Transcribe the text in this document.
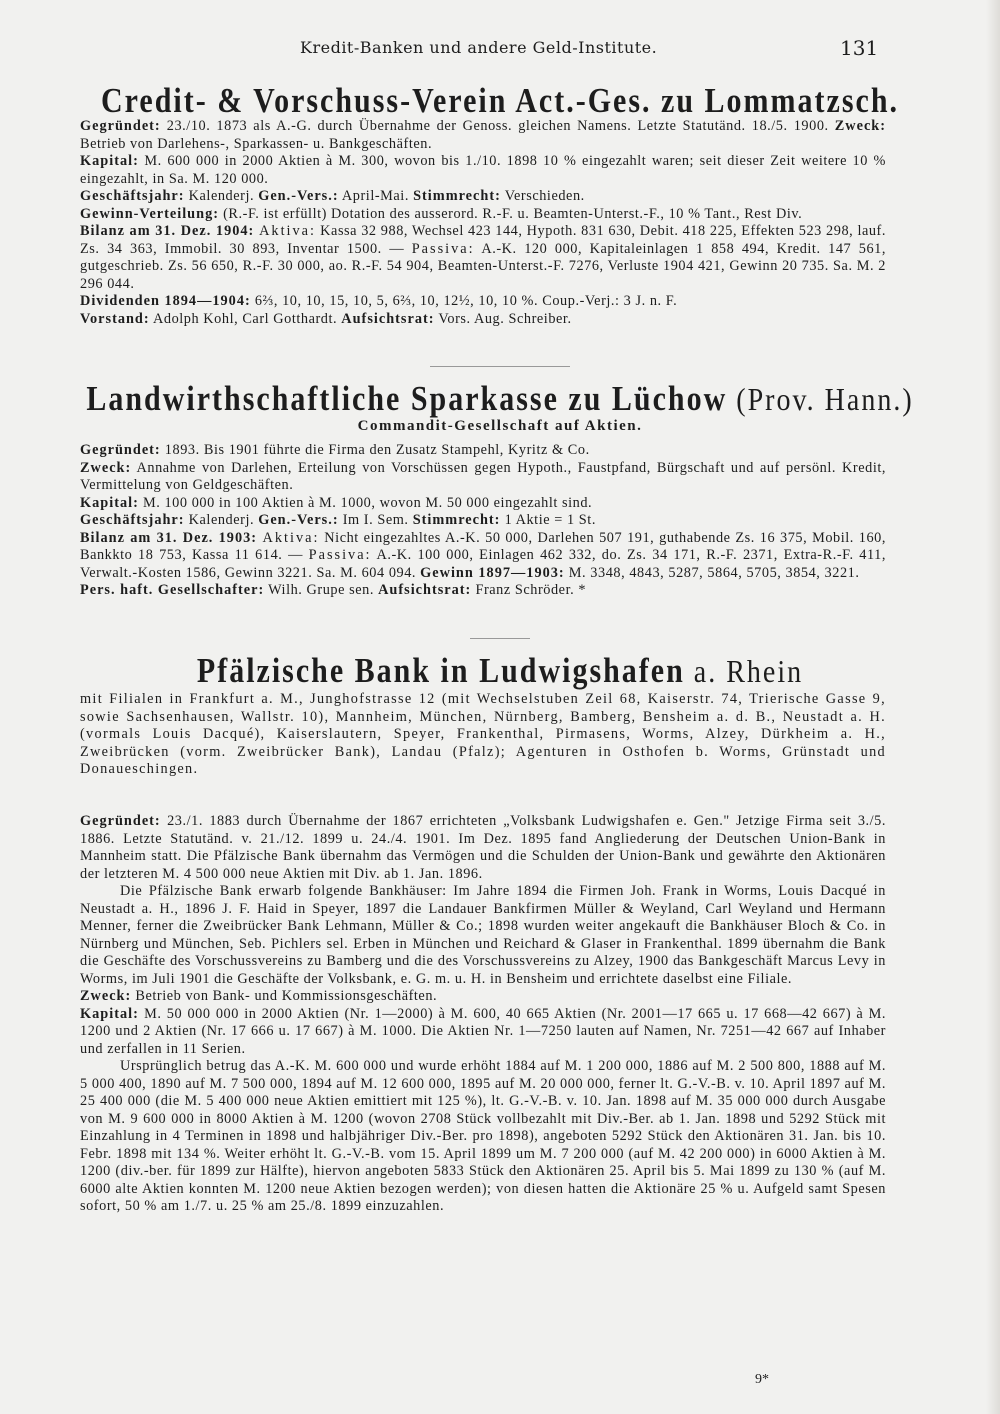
Kredit-Banken und andere Geld-Institute.	131
Credit- & Vorschuss-Verein Act.-Ges. zu Lommatzsch.

Gegründet: 23./10. 1873 als A.-G. durch Übernahme der Genoss. gleichen Namens. Letzte Statutänd. 18./5. 1900. Zweck: Betrieb von Darlehens-, Sparkassen- u. Bankgeschäften.

Kapital: M. 600 000 in 2000 Aktien à M. 300, wovon bis 1./10. 1898 10 % eingezahlt waren; seit dieser Zeit weitere 10 % eingezahlt, in Sa. M. 120 000.

Geschäftsjahr: Kalenderj. Gen.-Vers.: April-Mai. Stimmrecht: Verschieden.

Gewinn-Verteilung: (R.-F. ist erfüllt) Dotation des ausserord. R.-F. u. Beamten-Unterst.-F., 10 % Tant., Rest Div.

Bilanz am 31. Dez. 1904: Aktiva: Kassa 32 988, Wechsel 423 144, Hypoth. 831 630, Debit. 418 225, Effekten 523 298, lauf. Zs. 34 363, Immobil. 30 893, Inventar 1500. — Passiva: A.-K. 120 000, Kapitaleinlagen 1 858 494, Kredit. 147 561, gutgeschrieb. Zs. 56 650, R.-F. 30 000, ao. R.-F. 54 904, Beamten-Unterst.-F. 7276, Verluste 1904 421, Gewinn 20 735. Sa. M. 2 296 044.

Dividenden 1894—1904: 6⅔, 10, 10, 15, 10, 5, 6⅔, 10, 12½, 10, 10 %. Coup.-Verj.: 3 J. n. F.

Vorstand: Adolph Kohl, Carl Gotthardt. Aufsichtsrat: Vors. Aug. Schreiber.

Landwirthschaftliche Sparkasse zu Lüchow (Prov. Hann.)
Commandit-Gesellschaft auf Aktien.

Gegründet: 1893. Bis 1901 führte die Firma den Zusatz Stampehl, Kyritz & Co.

Zweck: Annahme von Darlehen, Erteilung von Vorschüssen gegen Hypoth., Faustpfand, Bürgschaft und auf persönl. Kredit, Vermittelung von Geldgeschäften.

Kapital: M. 100 000 in 100 Aktien à M. 1000, wovon M. 50 000 eingezahlt sind.

Geschäftsjahr: Kalenderj. Gen.-Vers.: Im I. Sem. Stimmrecht: 1 Aktie = 1 St.

Bilanz am 31. Dez. 1903: Aktiva: Nicht eingezahltes A.-K. 50 000, Darlehen 507 191, guthabende Zs. 16 375, Mobil. 160, Bankkto 18 753, Kassa 11 614. — Passiva: A.-K. 100 000, Einlagen 462 332, do. Zs. 34 171, R.-F. 2371, Extra-R.-F. 411, Verwalt.-Kosten 1586, Gewinn 3221. Sa. M. 604 094. Gewinn 1897—1903: M. 3348, 4843, 5287, 5864, 5705, 3854, 3221.

Pers. haft. Gesellschafter: Wilh. Grupe sen. Aufsichtsrat: Franz Schröder. *

Pfälzische Bank in Ludwigshafen a. Rhein

mit Filialen in Frankfurt a. M., Junghofstrasse 12 (mit Wechselstuben Zeil 68, Kaiserstr. 74, Trierische Gasse 9, sowie Sachsenhausen, Wallstr. 10), Mannheim, München, Nürnberg, Bamberg, Bensheim a. d. B., Neustadt a. H. (vormals Louis Dacqué), Kaiserslautern, Speyer, Frankenthal, Pirmasens, Worms, Alzey, Dürkheim a. H., Zweibrücken (vorm. Zweibrücker Bank), Landau (Pfalz); Agenturen in Osthofen b. Worms, Grünstadt und Donaueschingen.

Gegründet: 23./1. 1883 durch Übernahme der 1867 errichteten „Volksbank Ludwigshafen e. Gen." Jetzige Firma seit 3./5. 1886. Letzte Statutänd. v. 21./12. 1899 u. 24./4. 1901. Im Dez. 1895 fand Angliederung der Deutschen Union-Bank in Mannheim statt. Die Pfälzische Bank übernahm das Vermögen und die Schulden der Union-Bank und gewährte den Aktionären der letzteren M. 4 500 000 neue Aktien mit Div. ab 1. Jan. 1896.

Die Pfälzische Bank erwarb folgende Bankhäuser: Im Jahre 1894 die Firmen Joh. Frank in Worms, Louis Dacqué in Neustadt a. H., 1896 J. F. Haid in Speyer, 1897 die Landauer Bankfirmen Müller & Weyland, Carl Weyland und Hermann Menner, ferner die Zweibrücker Bank Lehmann, Müller & Co.; 1898 wurden weiter angekauft die Bankhäuser Bloch & Co. in Nürnberg und München, Seb. Pichlers sel. Erben in München und Reichard & Glaser in Frankenthal. 1899 übernahm die Bank die Geschäfte des Vorschussvereins zu Bamberg und die des Vorschussvereins zu Alzey, 1900 das Bankgeschäft Marcus Levy in Worms, im Juli 1901 die Geschäfte der Volksbank, e. G. m. u. H. in Bensheim und errichtete daselbst eine Filiale.

Zweck: Betrieb von Bank- und Kommissionsgeschäften.

Kapital: M. 50 000 000 in 2000 Aktien (Nr. 1—2000) à M. 600, 40 665 Aktien (Nr. 2001—17 665 u. 17 668—42 667) à M. 1200 und 2 Aktien (Nr. 17 666 u. 17 667) à M. 1000. Die Aktien Nr. 1—7250 lauten auf Namen, Nr. 7251—42 667 auf Inhaber und zerfallen in 11 Serien.

Ursprünglich betrug das A.-K. M. 600 000 und wurde erhöht 1884 auf M. 1 200 000, 1886 auf M. 2 500 800, 1888 auf M. 5 000 400, 1890 auf M. 7 500 000, 1894 auf M. 12 600 000, 1895 auf M. 20 000 000, ferner lt. G.-V.-B. v. 10. April 1897 auf M. 25 400 000 (die M. 5 400 000 neue Aktien emittiert mit 125 %), lt. G.-V.-B. v. 10. Jan. 1898 auf M. 35 000 000 durch Ausgabe von M. 9 600 000 in 8000 Aktien à M. 1200 (wovon 2708 Stück vollbezahlt mit Div.-Ber. ab 1. Jan. 1898 und 5292 Stück mit Einzahlung in 4 Terminen in 1898 und halbjähriger Div.-Ber. pro 1898), angeboten 5292 Stück den Aktionären 31. Jan. bis 10. Febr. 1898 mit 134 %. Weiter erhöht lt. G.-V.-B. vom 15. April 1899 um M. 7 200 000 (auf M. 42 200 000) in 6000 Aktien à M. 1200 (div.-ber. für 1899 zur Hälfte), hiervon angeboten 5833 Stück den Aktionären 25. April bis 5. Mai 1899 zu 130 % (auf M. 6000 alte Aktien konnten M. 1200 neue Aktien bezogen werden); von diesen hatten die Aktionäre 25 % u. Aufgeld samt Spesen sofort, 50 % am 1./7. u. 25 % am 25./8. 1899 einzuzahlen.

9*
